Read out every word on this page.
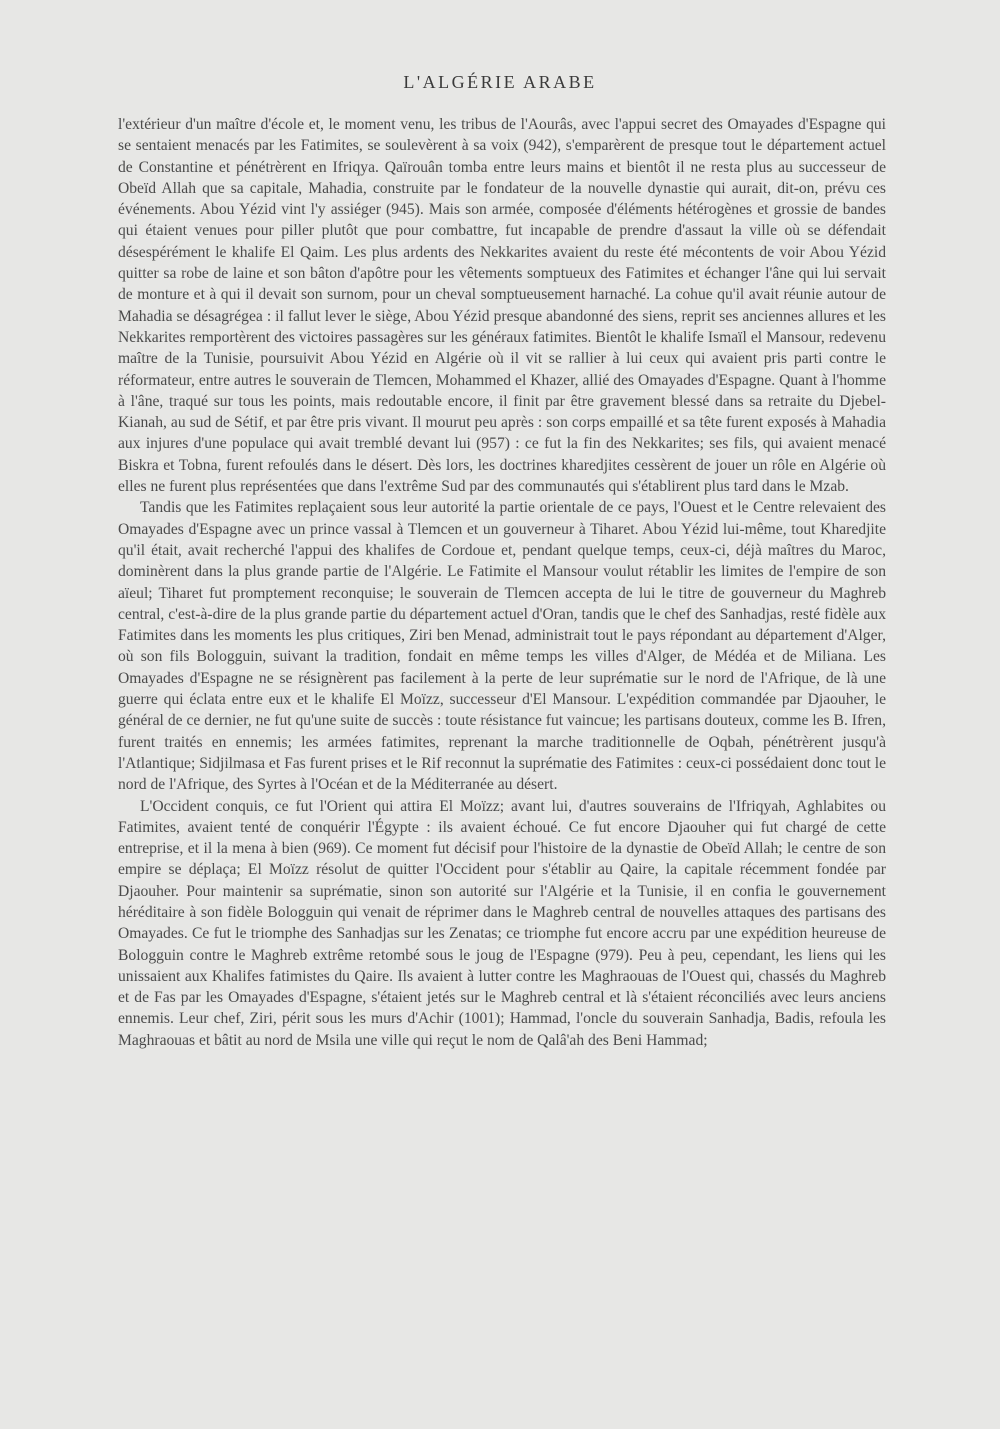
L'ALGÉRIE ARABE

l'extérieur d'un maître d'école et, le moment venu, les tribus de l'Aourâs, avec l'appui secret des Omayades d'Espagne qui se sentaient menacés par les Fatimites, se soulevèrent à sa voix (942), s'emparèrent de presque tout le département actuel de Constantine et pénétrèrent en Ifriqya. Qaïrouân tomba entre leurs mains et bientôt il ne resta plus au successeur de Obeïd Allah que sa capitale, Mahadia, construite par le fondateur de la nouvelle dynastie qui aurait, dit-on, prévu ces événements. Abou Yézid vint l'y assiéger (945). Mais son armée, composée d'éléments hétérogènes et grossie de bandes qui étaient venues pour piller plutôt que pour combattre, fut incapable de prendre d'assaut la ville où se défendait désespérément le khalife El Qaim. Les plus ardents des Nekkarites avaient du reste été mécontents de voir Abou Yézid quitter sa robe de laine et son bâton d'apôtre pour les vêtements somptueux des Fatimites et échanger l'âne qui lui servait de monture et à qui il devait son surnom, pour un cheval somptueusement harnaché. La cohue qu'il avait réunie autour de Mahadia se désagrégea : il fallut lever le siège, Abou Yézid presque abandonné des siens, reprit ses anciennes allures et les Nekkarites remportèrent des victoires passagères sur les généraux fatimites. Bientôt le khalife Ismaïl el Mansour, redevenu maître de la Tunisie, poursuivit Abou Yézid en Algérie où il vit se rallier à lui ceux qui avaient pris parti contre le réformateur, entre autres le souverain de Tlemcen, Mohammed el Khazer, allié des Omayades d'Espagne. Quant à l'homme à l'âne, traqué sur tous les points, mais redoutable encore, il finit par être gravement blessé dans sa retraite du Djebel-Kianah, au sud de Sétif, et par être pris vivant. Il mourut peu après : son corps empaillé et sa tête furent exposés à Mahadia aux injures d'une populace qui avait tremblé devant lui (957) : ce fut la fin des Nekkarites; ses fils, qui avaient menacé Biskra et Tobna, furent refoulés dans le désert. Dès lors, les doctrines kharedjites cessèrent de jouer un rôle en Algérie où elles ne furent plus représentées que dans l'extrême Sud par des communautés qui s'établirent plus tard dans le Mzab.

Tandis que les Fatimites replaçaient sous leur autorité la partie orientale de ce pays, l'Ouest et le Centre relevaient des Omayades d'Espagne avec un prince vassal à Tlemcen et un gouverneur à Tiharet. Abou Yézid lui-même, tout Kharedjite qu'il était, avait recherché l'appui des khalifes de Cordoue et, pendant quelque temps, ceux-ci, déjà maîtres du Maroc, dominèrent dans la plus grande partie de l'Algérie. Le Fatimite el Mansour voulut rétablir les limites de l'empire de son aïeul; Tiharet fut promptement reconquise; le souverain de Tlemcen accepta de lui le titre de gouverneur du Maghreb central, c'est-à-dire de la plus grande partie du département actuel d'Oran, tandis que le chef des Sanhadjas, resté fidèle aux Fatimites dans les moments les plus critiques, Ziri ben Menad, administrait tout le pays répondant au département d'Alger, où son fils Bologguin, suivant la tradition, fondait en même temps les villes d'Alger, de Médéa et de Miliana. Les Omayades d'Espagne ne se résignèrent pas facilement à la perte de leur suprématie sur le nord de l'Afrique, de là une guerre qui éclata entre eux et le khalife El Moïzz, successeur d'El Mansour. L'expédition commandée par Djaouher, le général de ce dernier, ne fut qu'une suite de succès : toute résistance fut vaincue; les partisans douteux, comme les B. Ifren, furent traités en ennemis; les armées fatimites, reprenant la marche traditionnelle de Oqbah, pénétrèrent jusqu'à l'Atlantique; Sidjilmasa et Fas furent prises et le Rif reconnut la suprématie des Fatimites : ceux-ci possédaient donc tout le nord de l'Afrique, des Syrtes à l'Océan et de la Méditerranée au désert.

L'Occident conquis, ce fut l'Orient qui attira El Moïzz; avant lui, d'autres souverains de l'Ifriqyah, Aghlabites ou Fatimites, avaient tenté de conquérir l'Égypte : ils avaient échoué. Ce fut encore Djaouher qui fut chargé de cette entreprise, et il la mena à bien (969). Ce moment fut décisif pour l'histoire de la dynastie de Obeïd Allah; le centre de son empire se déplaça; El Moïzz résolut de quitter l'Occident pour s'établir au Qaire, la capitale récemment fondée par Djaouher. Pour maintenir sa suprématie, sinon son autorité sur l'Algérie et la Tunisie, il en confia le gouvernement héréditaire à son fidèle Bologguin qui venait de réprimer dans le Maghreb central de nouvelles attaques des partisans des Omayades. Ce fut le triomphe des Sanhadjas sur les Zenatas; ce triomphe fut encore accru par une expédition heureuse de Bologguin contre le Maghreb extrême retombé sous le joug de l'Espagne (979). Peu à peu, cependant, les liens qui les unissaient aux Khalifes fatimistes du Qaire. Ils avaient à lutter contre les Maghraouas de l'Ouest qui, chassés du Maghreb et de Fas par les Omayades d'Espagne, s'étaient jetés sur le Maghreb central et là s'étaient réconciliés avec leurs anciens ennemis. Leur chef, Ziri, périt sous les murs d'Achir (1001); Hammad, l'oncle du souverain Sanhadja, Badis, refoula les Maghraouas et bâtit au nord de Msila une ville qui reçut le nom de Qalâ'ah des Beni Hammad;
